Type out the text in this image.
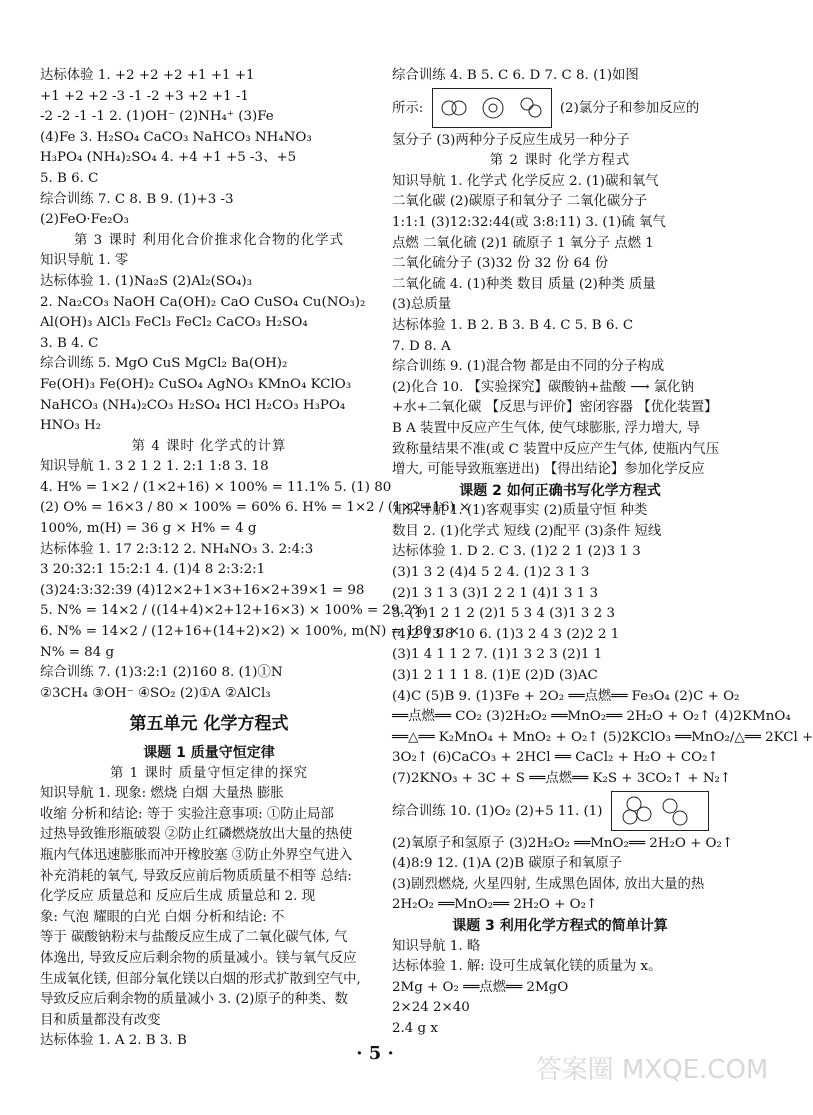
达标体验 1. +2 +2 +2 +1 +1 +1
+1 +2 +2 -3 -1 -2 +3 +2 +1 -1
-2 -2 -1 -1 2. (1)OH⁻ (2)NH₄⁺ (3)Fe
(4)Fe 3. H₂SO₄ CaCO₃ NaHCO₃ NH₄NO₃
H₃PO₄ (NH₄)₂SO₄ 4. +4 +1 +5 -3、+5
5. B 6. C
综合训练 7. C 8. B 9. (1)+3 -3
(2)FeO·Fe₂O₃
第 3 课时 利用化合价推求化合物的化学式
知识导航 1. 零
达标体验 1. (1)Na₂S (2)Al₂(SO₄)₃
2. Na₂CO₃ NaOH Ca(OH)₂ CaO CuSO₄ Cu(NO₃)₂
Al(OH)₃ AlCl₃ FeCl₃ FeCl₂ CaCO₃ H₂SO₄
3. B 4. C
综合训练 5. MgO CuS MgCl₂ Ba(OH)₂
Fe(OH)₃ Fe(OH)₂ CuSO₄ AgNO₃ KMnO₄ KClO₃
NaHCO₃ (NH₄)₂CO₃ H₂SO₄ HCl H₂CO₃ H₃PO₄
HNO₃ H₂
第 4 课时 化学式的计算
知识导航 1. 3 2 1 2 1. 2:1 1:8 3. 18
4. H% = 1×2 / (1×2+16) × 100% = 11.1% 5. (1) 80
(2) O% = 16×3 / 80 × 100% = 60% 6. H% = 1×2 / (1×2+16) ×
100%, m(H) = 36 g × H% = 4 g
达标体验 1. 17 2:3:12 2. NH₄NO₃ 3. 2:4:3
3 20:32:1 15:2:1 4. (1)4 8 2:3:2:1
(3)24:3:32:39 (4)12×2+1×3+16×2+39×1 = 98
5. N% = 14×2 / ((14+4)×2+12+16×3) × 100% = 29.2%
6. N% = 14×2 / (12+16+(14+2)×2) × 100%, m(N) = 180 g ×
N% = 84 g
综合训练 7. (1)3:2:1 (2)160 8. (1)①N
②3CH₄ ③OH⁻ ④SO₂ (2)①A ②AlCl₃
第五单元 化学方程式
课题 1 质量守恒定律
第 1 课时 质量守恒定律的探究
知识导航 1. 现象: 燃烧 白烟 大量热 膨胀
收缩 分析和结论: 等于 实验注意事项: ①防止局部
过热导致锥形瓶破裂 ②防止红磷燃烧放出大量的热使
瓶内气体迅速膨胀而冲开橡胶塞 ③防止外界空气进入
补充消耗的氧气, 导致反应前后物质质量不相等 总结:
化学反应 质量总和 反应后生成 质量总和 2. 现
象: 气泡 耀眼的白光 白烟 分析和结论: 不
等于 碳酸钠粉末与盐酸反应生成了二氧化碳气体, 气
体逸出, 导致反应后剩余物的质量减小。镁与氧气反应
生成氧化镁, 但部分氧化镁以白烟的形式扩散到空气中,
导致反应后剩余物的质量减小 3. (2)原子的种类、数
目和质量都没有改变
达标体验 1. A 2. B 3. B
综合训练 4. B 5. C 6. D 7. C 8. (1)如图
所示:	(2)氯分子和参加反应的
氢分子 (3)两种分子反应生成另一种分子
第 2 课时 化学方程式
知识导航 1. 化学式 化学反应 2. (1)碳和氧气
二氧化碳 (2)碳原子和氧分子 二氧化碳分子
1:1:1 (3)12:32:44(或 3:8:11) 3. (1)硫 氧气
点燃 二氧化硫 (2)1 硫原子 1 氧分子 点燃 1
二氧化硫分子 (3)32 份 32 份 64 份
二氧化硫 4. (1)种类 数目 质量 (2)种类 质量
(3)总质量
达标体验 1. B 2. B 3. B 4. C 5. B 6. C
7. D 8. A
综合训练 9. (1)混合物 都是由不同的分子构成
(2)化合 10. 【实验探究】碳酸钠+盐酸 ⟶ 氯化钠
+水+二氧化碳 【反思与评价】密闭容器 【优化装置】
B A 装置中反应产生气体, 使气球膨胀, 浮力增大, 导
致称量结果不准(或 C 装置中反应产生气体, 使瓶内气压
增大, 可能导致瓶塞迸出) 【得出结论】参加化学反应
课题 2 如何正确书写化学方程式
知识导航 1. (1)客观事实 (2)质量守恒 种类
数目 2. (1)化学式 短线 (2)配平 (3)条件 短线
达标体验 1. D 2. C 3. (1)2 2 1 (2)3 1 3
(3)1 3 2 (4)4 5 2 4. (1)2 3 1 3
(2)1 3 1 3 (3)1 2 2 1 (4)1 3 1 3
5. (1)1 2 1 2 (2)1 5 3 4 (3)1 3 2 3
(4)2 13 8 10 6. (1)3 2 4 3 (2)2 2 1
(3)1 4 1 1 2 7. (1)1 3 2 3 (2)1 1
(3)1 2 1 1 1 8. (1)E (2)D (3)AC
(4)C (5)B 9. (1)3Fe + 2O₂ ══点燃══ Fe₃O₄ (2)C + O₂
══点燃══ CO₂ (3)2H₂O₂ ══MnO₂══ 2H₂O + O₂↑ (4)2KMnO₄
══△══ K₂MnO₄ + MnO₂ + O₂↑ (5)2KClO₃ ══MnO₂/△══ 2KCl +
3O₂↑ (6)CaCO₃ + 2HCl ══ CaCl₂ + H₂O + CO₂↑
(7)2KNO₃ + 3C + S ══点燃══ K₂S + 3CO₂↑ + N₂↑
综合训练 10. (1)O₂ (2)+5 11. (1)
(2)氧原子和氢原子 (3)2H₂O₂ ══MnO₂══ 2H₂O + O₂↑
(4)8:9 12. (1)A (2)B 碳原子和氧原子
(3)剧烈燃烧, 火星四射, 生成黑色固体, 放出大量的热
2H₂O₂ ══MnO₂══ 2H₂O + O₂↑
课题 3 利用化学方程式的简单计算
知识导航 1. 略
达标体验 1. 解: 设可生成氧化镁的质量为 x。
2Mg + O₂ ══点燃══ 2MgO
2×24 2×40
2.4 g x
· 5 ·
答案圈 MXQE.COM
